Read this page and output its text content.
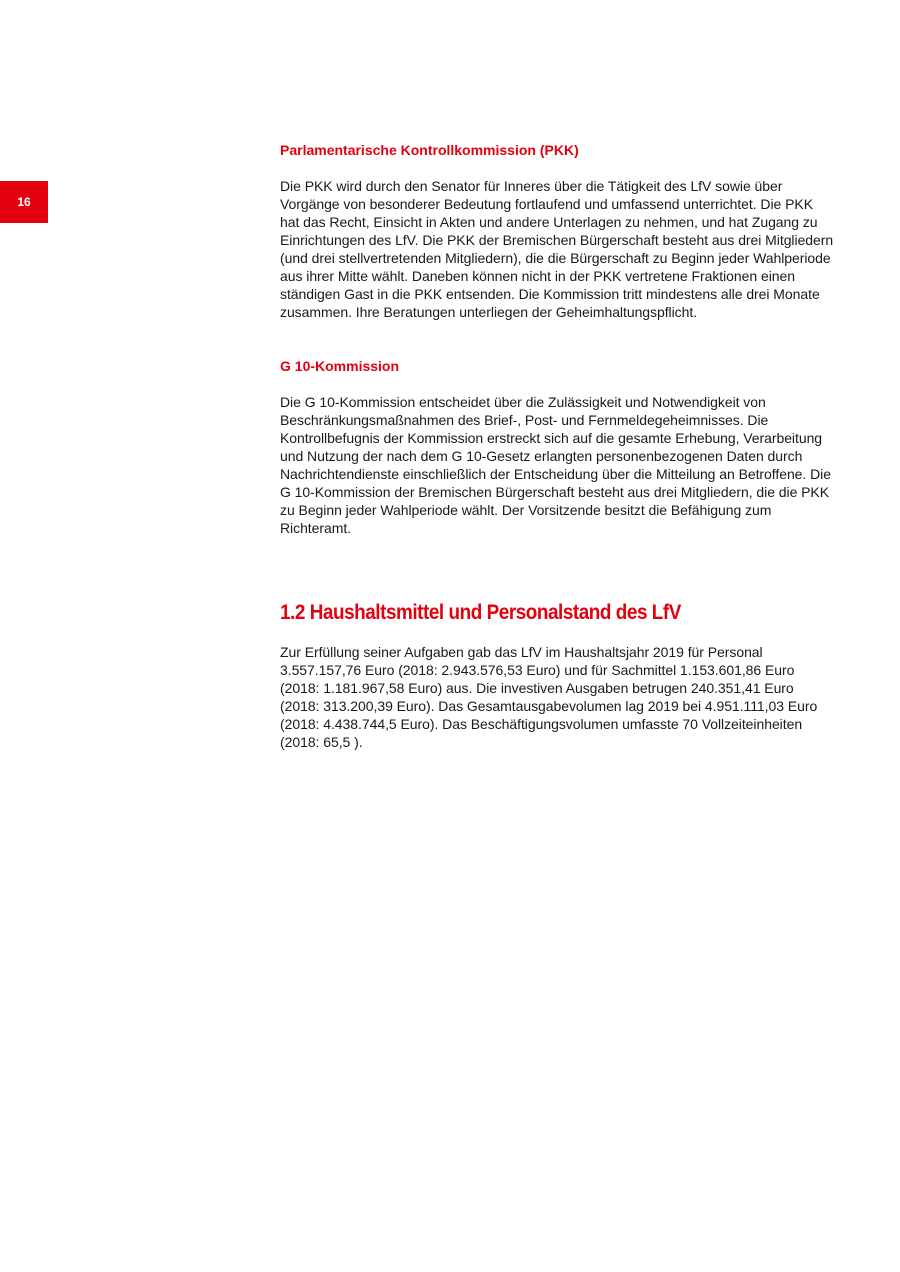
16
Parlamentarische Kontrollkommission (PKK)

Die PKK wird durch den Senator für Inneres über die Tätigkeit des LfV sowie über Vorgänge von besonderer Bedeutung fortlaufend und umfassend unterrichtet. Die PKK hat das Recht, Einsicht in Akten und andere Unterlagen zu nehmen, und hat Zugang zu Einrichtungen des LfV. Die PKK der Bremischen Bürgerschaft besteht aus drei Mitgliedern (und drei stellvertretenden Mitgliedern), die die Bürgerschaft zu Beginn jeder Wahlperiode aus ihrer Mitte wählt. Daneben können nicht in der PKK vertretene Fraktionen einen ständigen Gast in die PKK entsenden. Die Kommission tritt mindestens alle drei Monate zusammen. Ihre Beratungen unterliegen der Geheimhaltungspflicht.

G 10-Kommission

Die G 10-Kommission entscheidet über die Zulässigkeit und Notwendigkeit von Beschränkungsmaßnahmen des Brief-, Post- und Fernmeldegeheimnisses. Die Kontrollbefugnis der Kommission erstreckt sich auf die gesamte Erhebung, Verarbeitung und Nutzung der nach dem G 10-Gesetz erlangten personenbezogenen Daten durch Nachrichtendienste einschließlich der Entscheidung über die Mitteilung an Betroffene. Die G 10-Kommission der Bremischen Bürgerschaft besteht aus drei Mitgliedern, die die PKK zu Beginn jeder Wahlperiode wählt. Der Vorsitzende besitzt die Befähigung zum Richteramt.

1.2 Haushaltsmittel und Personalstand des LfV

Zur Erfüllung seiner Aufgaben gab das LfV im Haushaltsjahr 2019 für Personal 3.557.157,76 Euro (2018: 2.943.576,53 Euro) und für Sachmittel 1.153.601,86 Euro (2018: 1.181.967,58 Euro) aus. Die investiven Ausgaben betrugen 240.351,41 Euro (2018: 313.200,39 Euro). Das Gesamtausgabevolumen lag 2019 bei 4.951.111,03 Euro (2018: 4.438.744,5 Euro). Das Beschäftigungsvolumen umfasste 70 Vollzeiteinheiten (2018: 65,5 ).
